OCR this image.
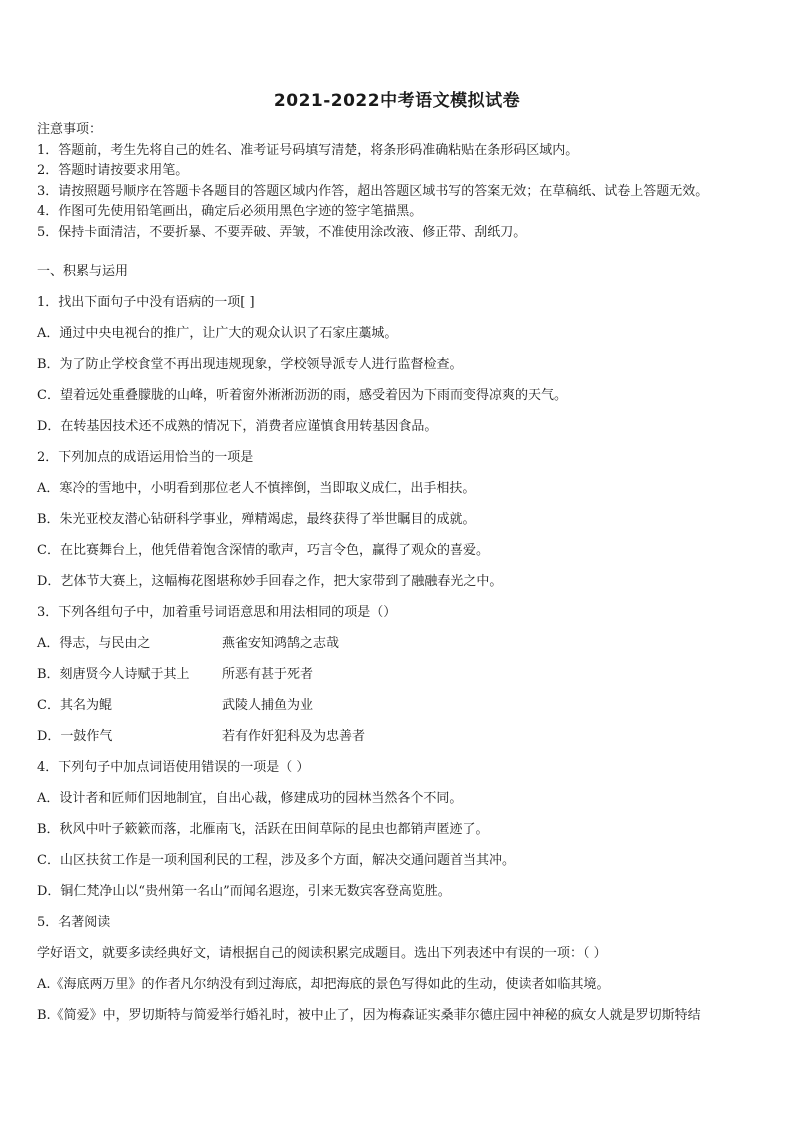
2021-2022中考语文模拟试卷
注意事项：
1．答题前，考生先将自己的姓名、准考证号码填写清楚，将条形码准确粘贴在条形码区域内。
2．答题时请按要求用笔。
3．请按照题号顺序在答题卡各题目的答题区域内作答，超出答题区域书写的答案无效；在草稿纸、试卷上答题无效。
4．作图可先使用铅笔画出，确定后必须用黑色字迹的签字笔描黑。
5．保持卡面清洁，不要折暴、不要弄破、弄皱，不准使用涂改液、修正带、刮纸刀。
一、积累与运用
1．找出下面句子中没有语病的一项[ ]
A．通过中央电视台的推广，让广大的观众认识了石家庄藁城。
B．为了防止学校食堂不再出现违规现象，学校领导派专人进行监督检查。
C．望着远处重叠朦胧的山峰，听着窗外淅淅沥沥的雨，感受着因为下雨而变得凉爽的天气。
D．在转基因技术还不成熟的情况下，消费者应谨慎食用转基因食品。
2．下列加点的成语运用恰当的一项是
A．寒冷的雪地中，小明看到那位老人不慎摔倒，当即取义成仁，出手相扶。
B．朱光亚校友潜心钻研科学事业，殚精竭虑，最终获得了举世瞩目的成就。
C．在比赛舞台上，他凭借着饱含深情的歌声，巧言令色，赢得了观众的喜爱。
D．艺体节大赛上，这幅梅花图堪称妙手回春之作，把大家带到了融融春光之中。
3．下列各组句子中，加着重号词语意思和用法相同的项是（）
A．得志，与民由之	燕雀安知鸿鹄之志哉
B．刻唐贤今人诗赋于其上 所恶有甚于死者
C．其名为鲲	武陵人捕鱼为业
D．一鼓作气	若有作奸犯科及为忠善者
4．下列句子中加点词语使用错误的一项是（ ）
A．设计者和匠师们因地制宜，自出心裁，修建成功的园林当然各个不同。
B．秋风中叶子簌簌而落，北雁南飞，活跃在田间草际的昆虫也都销声匿迹了。
C．山区扶贫工作是一项利国利民的工程，涉及多个方面，解决交通问题首当其冲。
D．铜仁梵净山以“贵州第一名山”而闻名遐迩，引来无数宾客登高览胜。
5．名著阅读
学好语文，就要多读经典好文，请根据自己的阅读积累完成题目。选出下列表述中有误的一项：（ ）
A.《海底两万里》的作者凡尔纳没有到过海底，却把海底的景色写得如此的生动，使读者如临其境。
B.《简爱》中，罗切斯特与简爱举行婚礼时，被中止了，因为梅森证实桑菲尔德庄园中神秘的疯女人就是罗切斯特结
